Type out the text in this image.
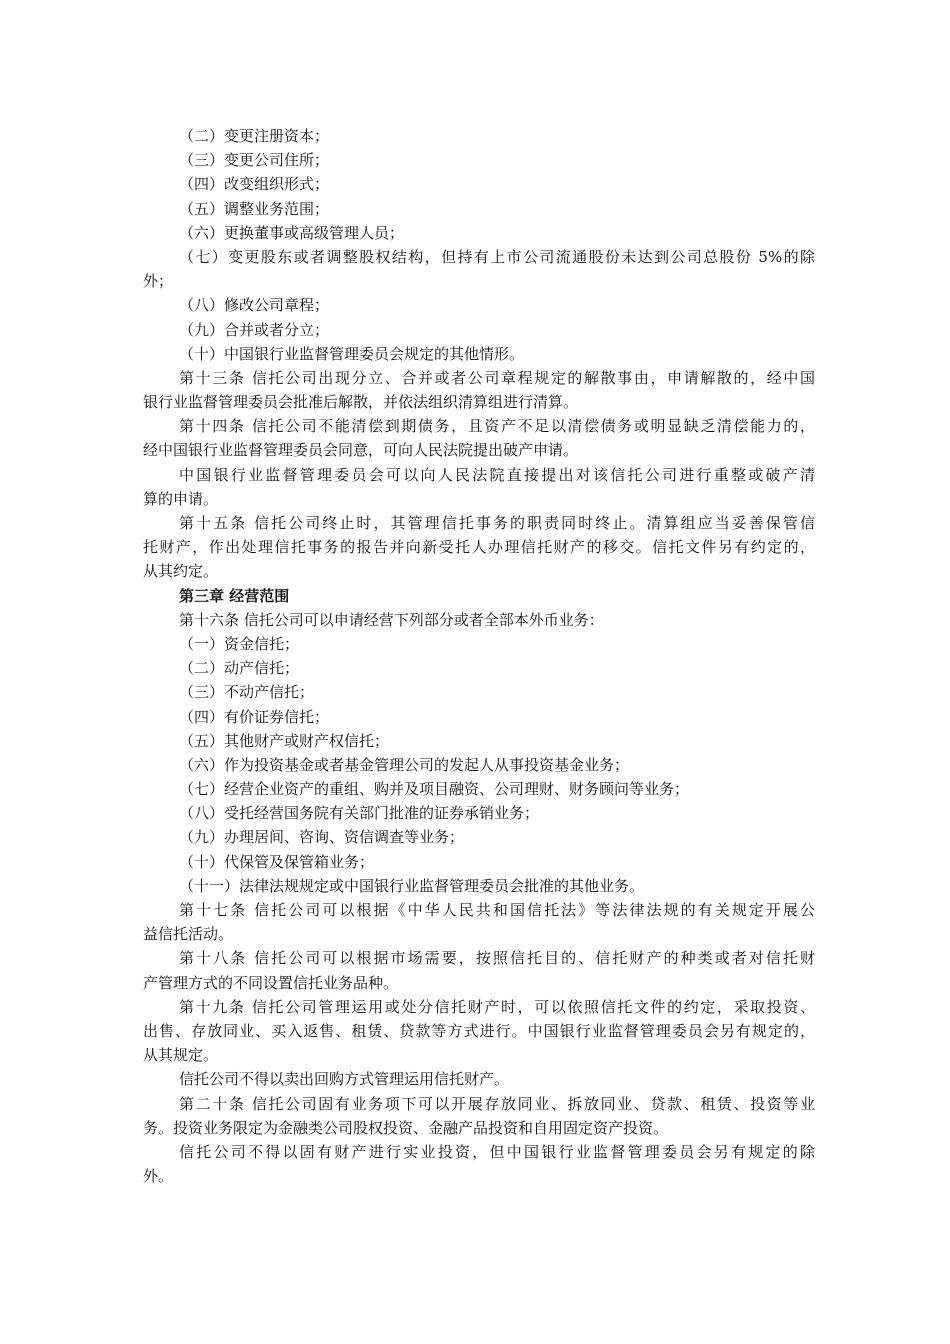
（二）变更注册资本；
（三）变更公司住所；
（四）改变组织形式；
（五）调整业务范围；
（六）更换董事或高级管理人员；
（七）变更股东或者调整股权结构，但持有上市公司流通股份未达到公司总股份 5%的除
外；
（八）修改公司章程；
（九）合并或者分立；
（十）中国银行业监督管理委员会规定的其他情形。
第十三条 信托公司出现分立、合并或者公司章程规定的解散事由，申请解散的，经中国
银行业监督管理委员会批准后解散，并依法组织清算组进行清算。
第十四条 信托公司不能清偿到期债务，且资产不足以清偿债务或明显缺乏清偿能力的，
经中国银行业监督管理委员会同意，可向人民法院提出破产申请。
中国银行业监督管理委员会可以向人民法院直接提出对该信托公司进行重整或破产清
算的申请。
第十五条 信托公司终止时，其管理信托事务的职责同时终止。清算组应当妥善保管信
托财产，作出处理信托事务的报告并向新受托人办理信托财产的移交。信托文件另有约定的，
从其约定。
第三章 经营范围
第十六条 信托公司可以申请经营下列部分或者全部本外币业务：
（一）资金信托；
（二）动产信托；
（三）不动产信托；
（四）有价证券信托；
（五）其他财产或财产权信托；
（六）作为投资基金或者基金管理公司的发起人从事投资基金业务；
（七）经营企业资产的重组、购并及项目融资、公司理财、财务顾问等业务；
（八）受托经营国务院有关部门批准的证券承销业务；
（九）办理居间、咨询、资信调查等业务；
（十）代保管及保管箱业务；
（十一）法律法规规定或中国银行业监督管理委员会批准的其他业务。
第十七条 信托公司可以根据《中华人民共和国信托法》等法律法规的有关规定开展公
益信托活动。
第十八条 信托公司可以根据市场需要，按照信托目的、信托财产的种类或者对信托财
产管理方式的不同设置信托业务品种。
第十九条 信托公司管理运用或处分信托财产时，可以依照信托文件的约定，采取投资、
出售、存放同业、买入返售、租赁、贷款等方式进行。中国银行业监督管理委员会另有规定的，
从其规定。
信托公司不得以卖出回购方式管理运用信托财产。
第二十条 信托公司固有业务项下可以开展存放同业、拆放同业、贷款、租赁、投资等业
务。投资业务限定为金融类公司股权投资、金融产品投资和自用固定资产投资。
信托公司不得以固有财产进行实业投资，但中国银行业监督管理委员会另有规定的除
外。
